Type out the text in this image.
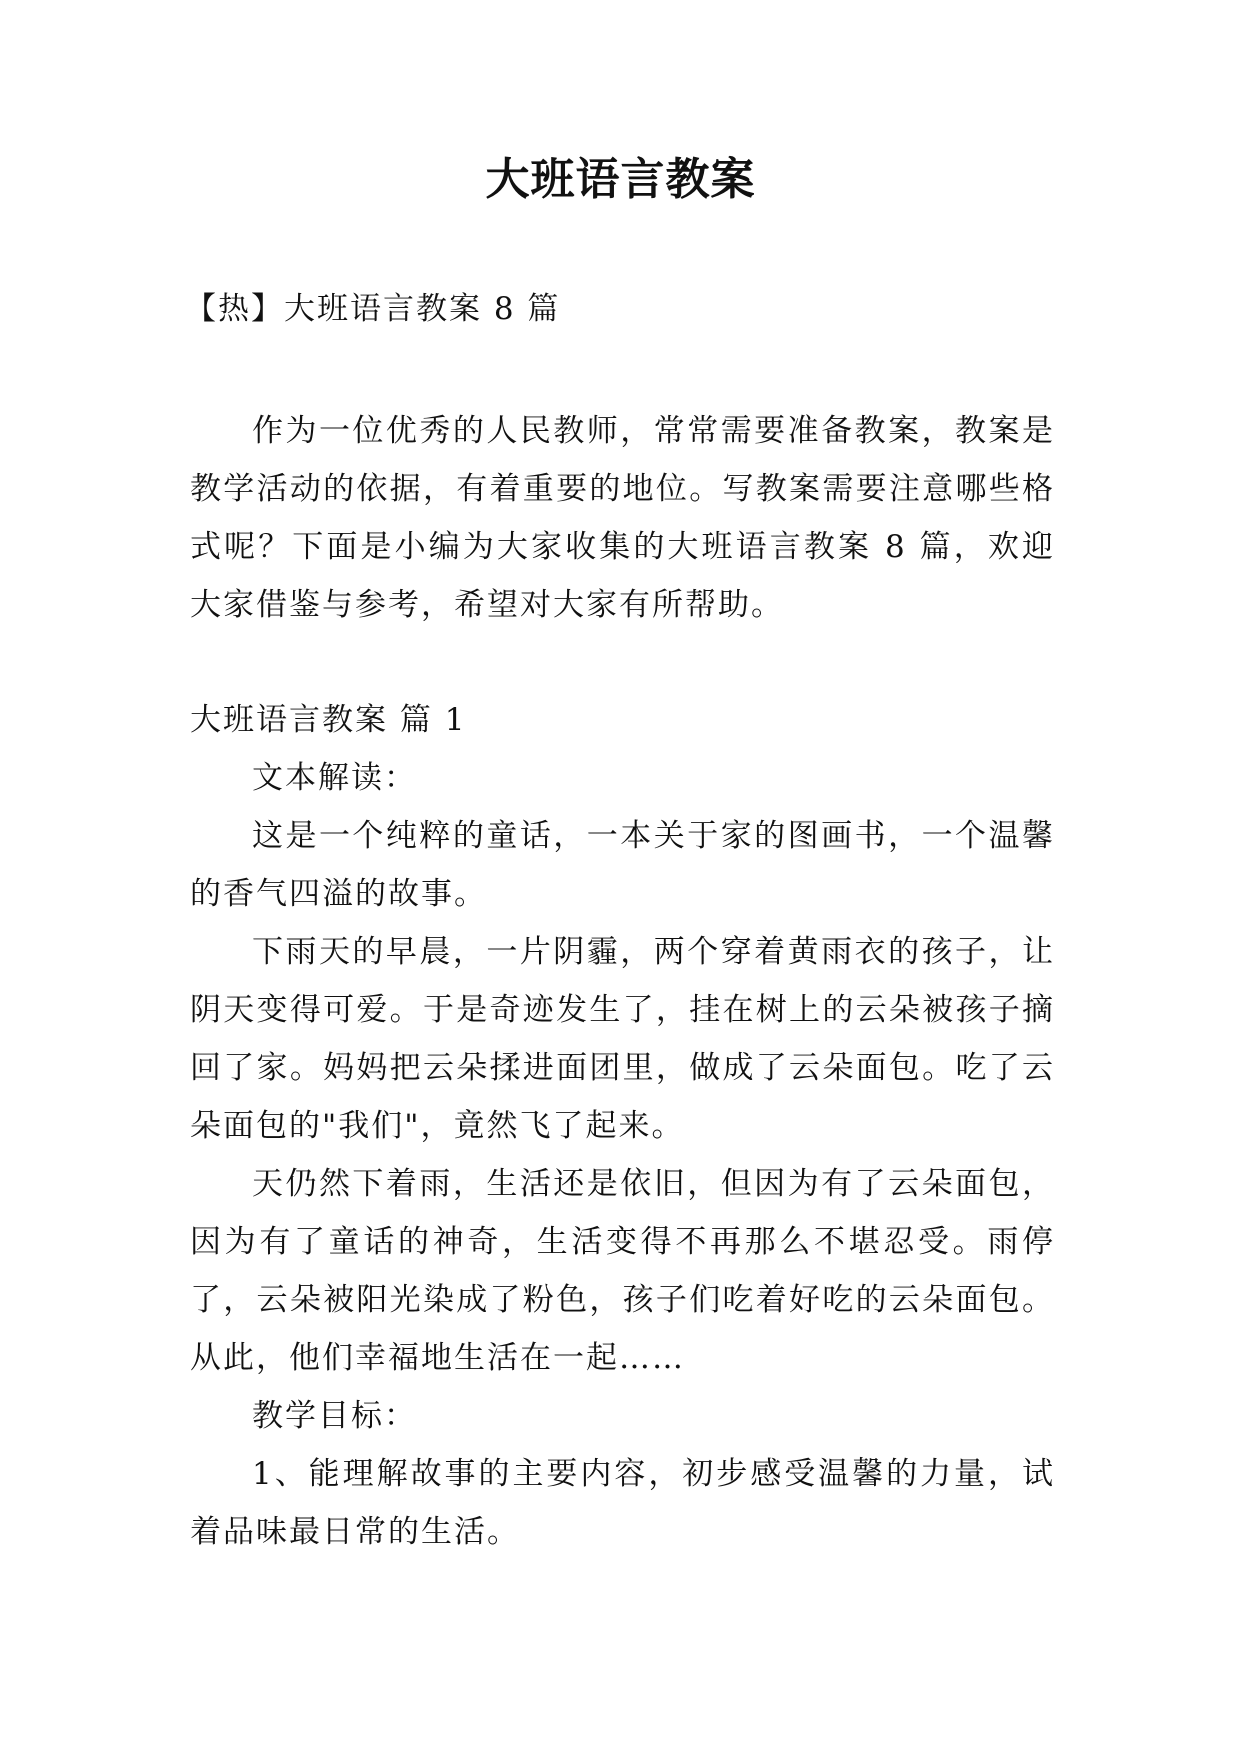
大班语言教案
【热】大班语言教案 8 篇

作为一位优秀的人民教师，常常需要准备教案，教案是教学活动的依据，有着重要的地位。写教案需要注意哪些格式呢？下面是小编为大家收集的大班语言教案 8 篇，欢迎大家借鉴与参考，希望对大家有所帮助。

大班语言教案 篇 1

文本解读：

这是一个纯粹的童话，一本关于家的图画书，一个温馨的香气四溢的故事。

下雨天的早晨，一片阴霾，两个穿着黄雨衣的孩子，让阴天变得可爱。于是奇迹发生了，挂在树上的云朵被孩子摘回了家。妈妈把云朵揉进面团里，做成了云朵面包。吃了云朵面包的"我们"，竟然飞了起来。

天仍然下着雨，生活还是依旧，但因为有了云朵面包，因为有了童话的神奇，生活变得不再那么不堪忍受。雨停了，云朵被阳光染成了粉色，孩子们吃着好吃的云朵面包。从此，他们幸福地生活在一起……

教学目标：

1、能理解故事的主要内容，初步感受温馨的力量，试着品味最日常的生活。
